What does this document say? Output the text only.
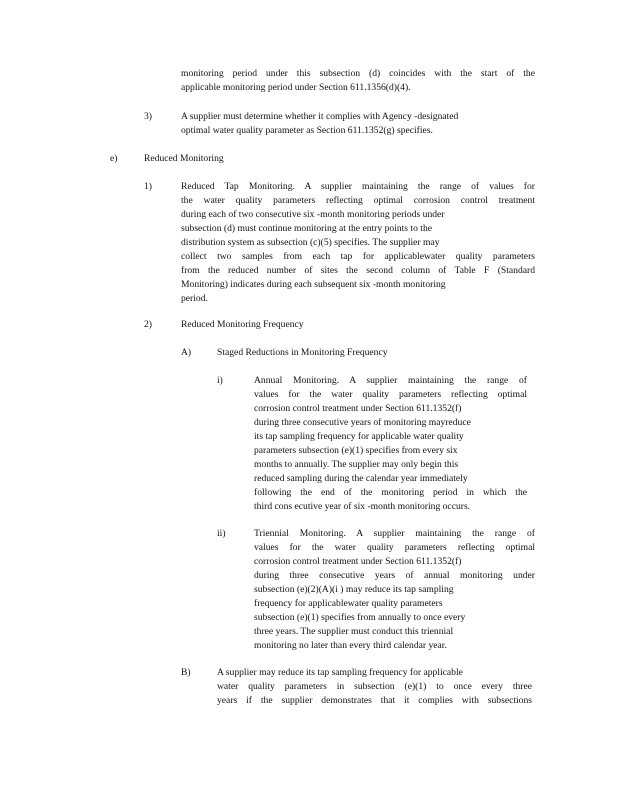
monitoring period under this subsection (d) coincides with the start of the
applicable monitoring period under Section 611.1356(d)(4).
3)	A supplier must determine whether it complies with Agency -designated
optimal water quality parameter as Section 611.1352(g) specifies.
e)	Reduced Monitoring
1)	Reduced Tap Monitoring. A supplier maintaining the range of values for
the water quality parameters reflecting optimal corrosion control treatment
during each of two consecutive six -month monitoring periods under
subsection (d) must continue monitoring at the entry points to the
distribution system as subsection (c)(5) specifies. The supplier may
collect two samples from each tap for applicablewater quality parameters
from the reduced number of sites the second column of Table F (Standard
Monitoring) indicates during each subsequent six -month monitoring
period.
2)	Reduced Monitoring Frequency
A)	Staged Reductions in Monitoring Frequency
i)	Annual Monitoring. A supplier maintaining the range of
values for the water quality parameters reflecting optimal
corrosion control treatment under Section 611.1352(f)
during three consecutive years of monitoring mayreduce
its tap sampling frequency for applicable water quality
parameters subsection (e)(1) specifies from every six
months to annually. The supplier may only begin this
reduced sampling during the calendar year immediately
following the end of the monitoring period in which the
third cons ecutive year of six -month monitoring occurs.
ii)	Triennial Monitoring. A supplier maintaining the range of
values for the water quality parameters reflecting optimal
corrosion control treatment under Section 611.1352(f)
during three consecutive years of annual monitoring under
subsection (e)(2)(A)(i ) may reduce its tap sampling
frequency for applicablewater quality parameters
subsection (e)(1) specifies from annually to once every
three years. The supplier must conduct this triennial
monitoring no later than every third calendar year.
B)	A supplier may reduce its tap sampling frequency for applicable
water quality parameters in subsection (e)(1) to once every three
years if the supplier demonstrates that it complies with subsections
